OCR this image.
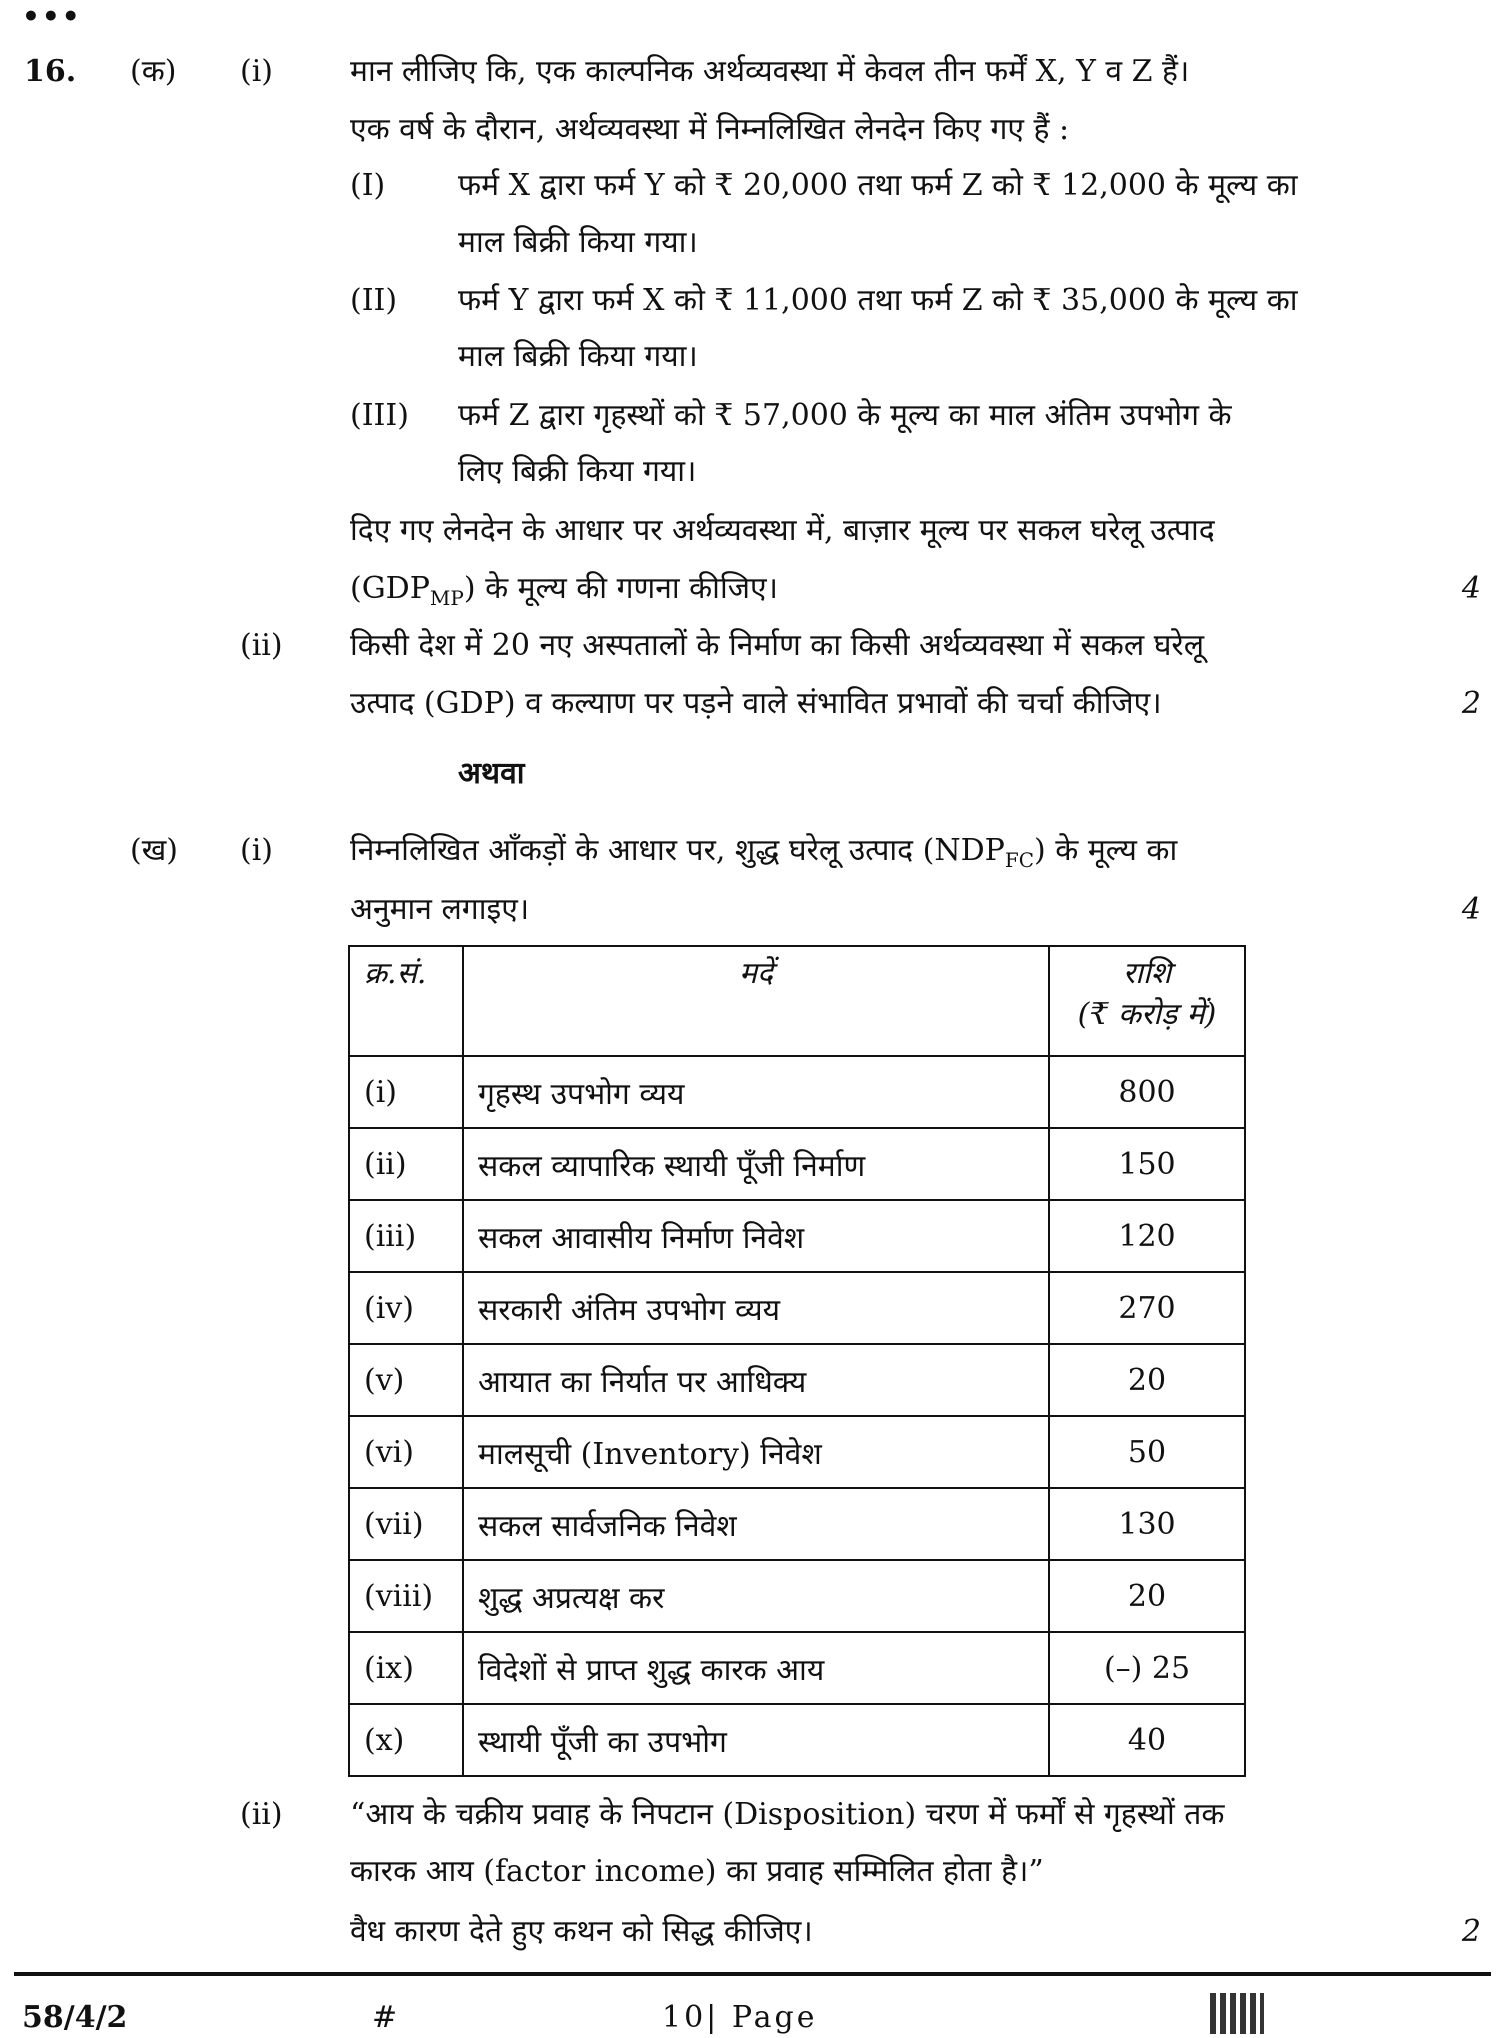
•••
16. (क) (i)	मान लीजिए कि, एक काल्पनिक अर्थव्यवस्था में केवल तीन फर्में X, Y व Z हैं।
एक वर्ष के दौरान, अर्थव्यवस्था में निम्नलिखित लेनदेन किए गए हैं :
(I) फर्म X द्वारा फर्म Y को ₹ 20,000 तथा फर्म Z को ₹ 12,000 के मूल्य का
माल बिक्री किया गया।
(II) फर्म Y द्वारा फर्म X को ₹ 11,000 तथा फर्म Z को ₹ 35,000 के मूल्य का
माल बिक्री किया गया।
(III) फर्म Z द्वारा गृहस्थों को ₹ 57,000 के मूल्य का माल अंतिम उपभोग के
लिए बिक्री किया गया।
दिए गए लेनदेन के आधार पर अर्थव्यवस्था में, बाज़ार मूल्य पर सकल घरेलू उत्पाद
$(GDP_{MP})$ के मूल्य की गणना कीजिए।	4
(ii) किसी देश में 20 नए अस्पतालों के निर्माण का किसी अर्थव्यवस्था में सकल घरेलू
उत्पाद (GDP) व कल्याण पर पड़ने वाले संभावित प्रभावों की चर्चा कीजिए।	2
अथवा
(ख) (i)	निम्नलिखित आँकड़ों के आधार पर, शुद्ध घरेलू उत्पाद $(NDP_{FC})$ के मूल्य का
अनुमान लगाइए।	4
क्र.सं.	मदें	राशि
(₹ करोड़ में)

(i)	गृहस्थ उपभोग व्यय	800
(ii)	सकल व्यापारिक स्थायी पूँजी निर्माण	150
(iii)	सकल आवासीय निर्माण निवेश	120
(iv)	सरकारी अंतिम उपभोग व्यय	270
(v)	आयात का निर्यात पर आधिक्य	20
(vi)	मालसूची (Inventory) निवेश	50
(vii)	सकल सार्वजनिक निवेश	130
(viii)	शुद्ध अप्रत्यक्ष कर	20
(ix)	विदेशों से प्राप्त शुद्ध कारक आय	(–) 25
(x)	स्थायी पूँजी का उपभोग	40
(ii) “आय के चक्रीय प्रवाह के निपटान (Disposition) चरण में फर्मों से गृहस्थों तक
कारक आय (factor income) का प्रवाह सम्मिलित होता है।”
वैध कारण देते हुए कथन को सिद्ध कीजिए।	2
58/4/2	#	10| Page
